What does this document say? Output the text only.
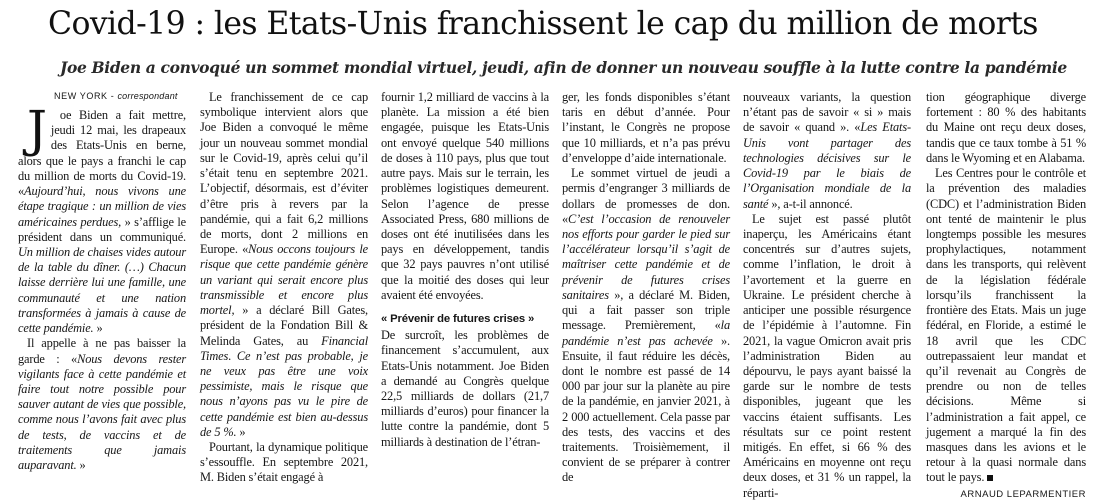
Covid-19 : les Etats-Unis franchissent le cap du million de morts
Joe Biden a convoqué un sommet mondial virtuel, jeudi, afin de donner un nouveau souffle à la lutte contre la pandémie
NEW YORK - correspondant

J oe Biden a fait mettre, jeudi 12 mai, les drapeaux des Etats-Unis en berne, alors que le pays a franchi le cap du million de morts du Covid-19. «Aujourd’hui, nous vivons une étape tragique : un million de vies américaines perdues, » s’afflige le président dans un communiqué. Un million de chaises vides autour de la table du dîner. (…) Chacun laisse derrière lui une famille, une communauté et une nation transformées à jamais à cause de cette pandémie. »

Il appelle à ne pas baisser la garde : «Nous devons rester vigilants face à cette pandémie et faire tout notre possible pour sauver autant de vies que possible, comme nous l’avons fait avec plus de tests, de vaccins et de traitements que jamais auparavant. »

Le franchissement de ce cap symbolique intervient alors que Joe Biden a convoqué le même jour un nouveau sommet mondial sur le Covid-19, après celui qu’il s’était tenu en septembre 2021. L’objectif, désormais, est d’éviter d’être pris à revers par la pandémie, qui a fait 6,2 millions de morts, dont 2 millions en Europe. «Nous occons toujours le risque que cette pandémie génère un variant qui serait encore plus transmissible et encore plus mortel, » a déclaré Bill Gates, président de la Fondation Bill & Melinda Gates, au Financial Times. Ce n’est pas probable, je ne veux pas être une voix pessimiste, mais le risque que nous n’ayons pas vu le pire de cette pandémie est bien au-dessus de 5 %. »

Pourtant, la dynamique politique s’essouffle. En septembre 2021, M. Biden s’était engagé à

fournir 1,2 milliard de vaccins à la planète. La mission a été bien engagée, puisque les Etats-Unis ont envoyé quelque 540 millions de doses à 110 pays, plus que tout autre pays. Mais sur le terrain, les problèmes logistiques demeurent. Selon l’agence de presse Associated Press, 680 millions de doses ont été inutilisées dans les pays en développement, tandis que 32 pays pauvres n’ont utilisé que la moitié des doses qui leur avaient été envoyées.

« Prévenir de futures crises »

De surcroît, les problèmes de financement s’accumulent, aux Etats-Unis notamment. Joe Biden a demandé au Congrès quelque 22,5 milliards de dollars (21,7 milliards d’euros) pour financer la lutte contre la pandémie, dont 5 milliards à destination de l’étran-

ger, les fonds disponibles s’étant taris en début d’année. Pour l’instant, le Congrès ne propose que 10 milliards, et n’a pas prévu d’enveloppe d’aide internationale.

Le sommet virtuel de jeudi a permis d’engranger 3 milliards de dollars de promesses de don. «C’est l’occasion de renouveler nos efforts pour garder le pied sur l’accélérateur lorsqu’il s’agit de maîtriser cette pandémie et de prévenir de futures crises sanitaires », a déclaré M. Biden, qui a fait passer son triple message. Premièrement, «la pandémie n’est pas achevée ». Ensuite, il faut réduire les décès, dont le nombre est passé de 14 000 par jour sur la planète au pire de la pandémie, en janvier 2021, à 2 000 actuellement. Cela passe par des tests, des vaccins et des traitements. Troisièmement, il convient de se préparer à contrer de

nouveaux variants, la question n’étant pas de savoir « si » mais de savoir « quand ». «Les Etats-Unis vont partager des technologies décisives sur le Covid-19 par le biais de l’Organisation mondiale de la santé », a-t-il annoncé.

Le sujet est passé plutôt inaperçu, les Américains étant concentrés sur d’autres sujets, comme l’inflation, le droit à l’avortement et la guerre en Ukraine. Le président cherche à anticiper une possible résurgence de l’épidémie à l’automne. Fin 2021, la vague Omicron avait pris l’administration Biden au dépourvu, le pays ayant baissé la garde sur le nombre de tests disponibles, jugeant que les vaccins étaient suffisants. Les résultats sur ce point restent mitigés. En effet, si 66 % des Américains en moyenne ont reçu deux doses, et 31 % un rappel, la réparti-

tion géographique diverge fortement : 80 % des habitants du Maine ont reçu deux doses, tandis que ce taux tombe à 51 % dans le Wyoming et en Alabama.

Les Centres pour le contrôle et la prévention des maladies (CDC) et l’administration Biden ont tenté de maintenir le plus longtemps possible les mesures prophylactiques, notamment dans les transports, qui relèvent de la législation fédérale lorsqu’ils franchissent la frontière des Etats. Mais un juge fédéral, en Floride, a estimé le 18 avril que les CDC outrepassaient leur mandat et qu’il revenait au Congrès de prendre ou non de telles décisions. Même si l’administration a fait appel, ce jugement a marqué la fin des masques dans les avions et le retour à la quasi normale dans tout le pays.

ARNAUD LEPARMENTIER
